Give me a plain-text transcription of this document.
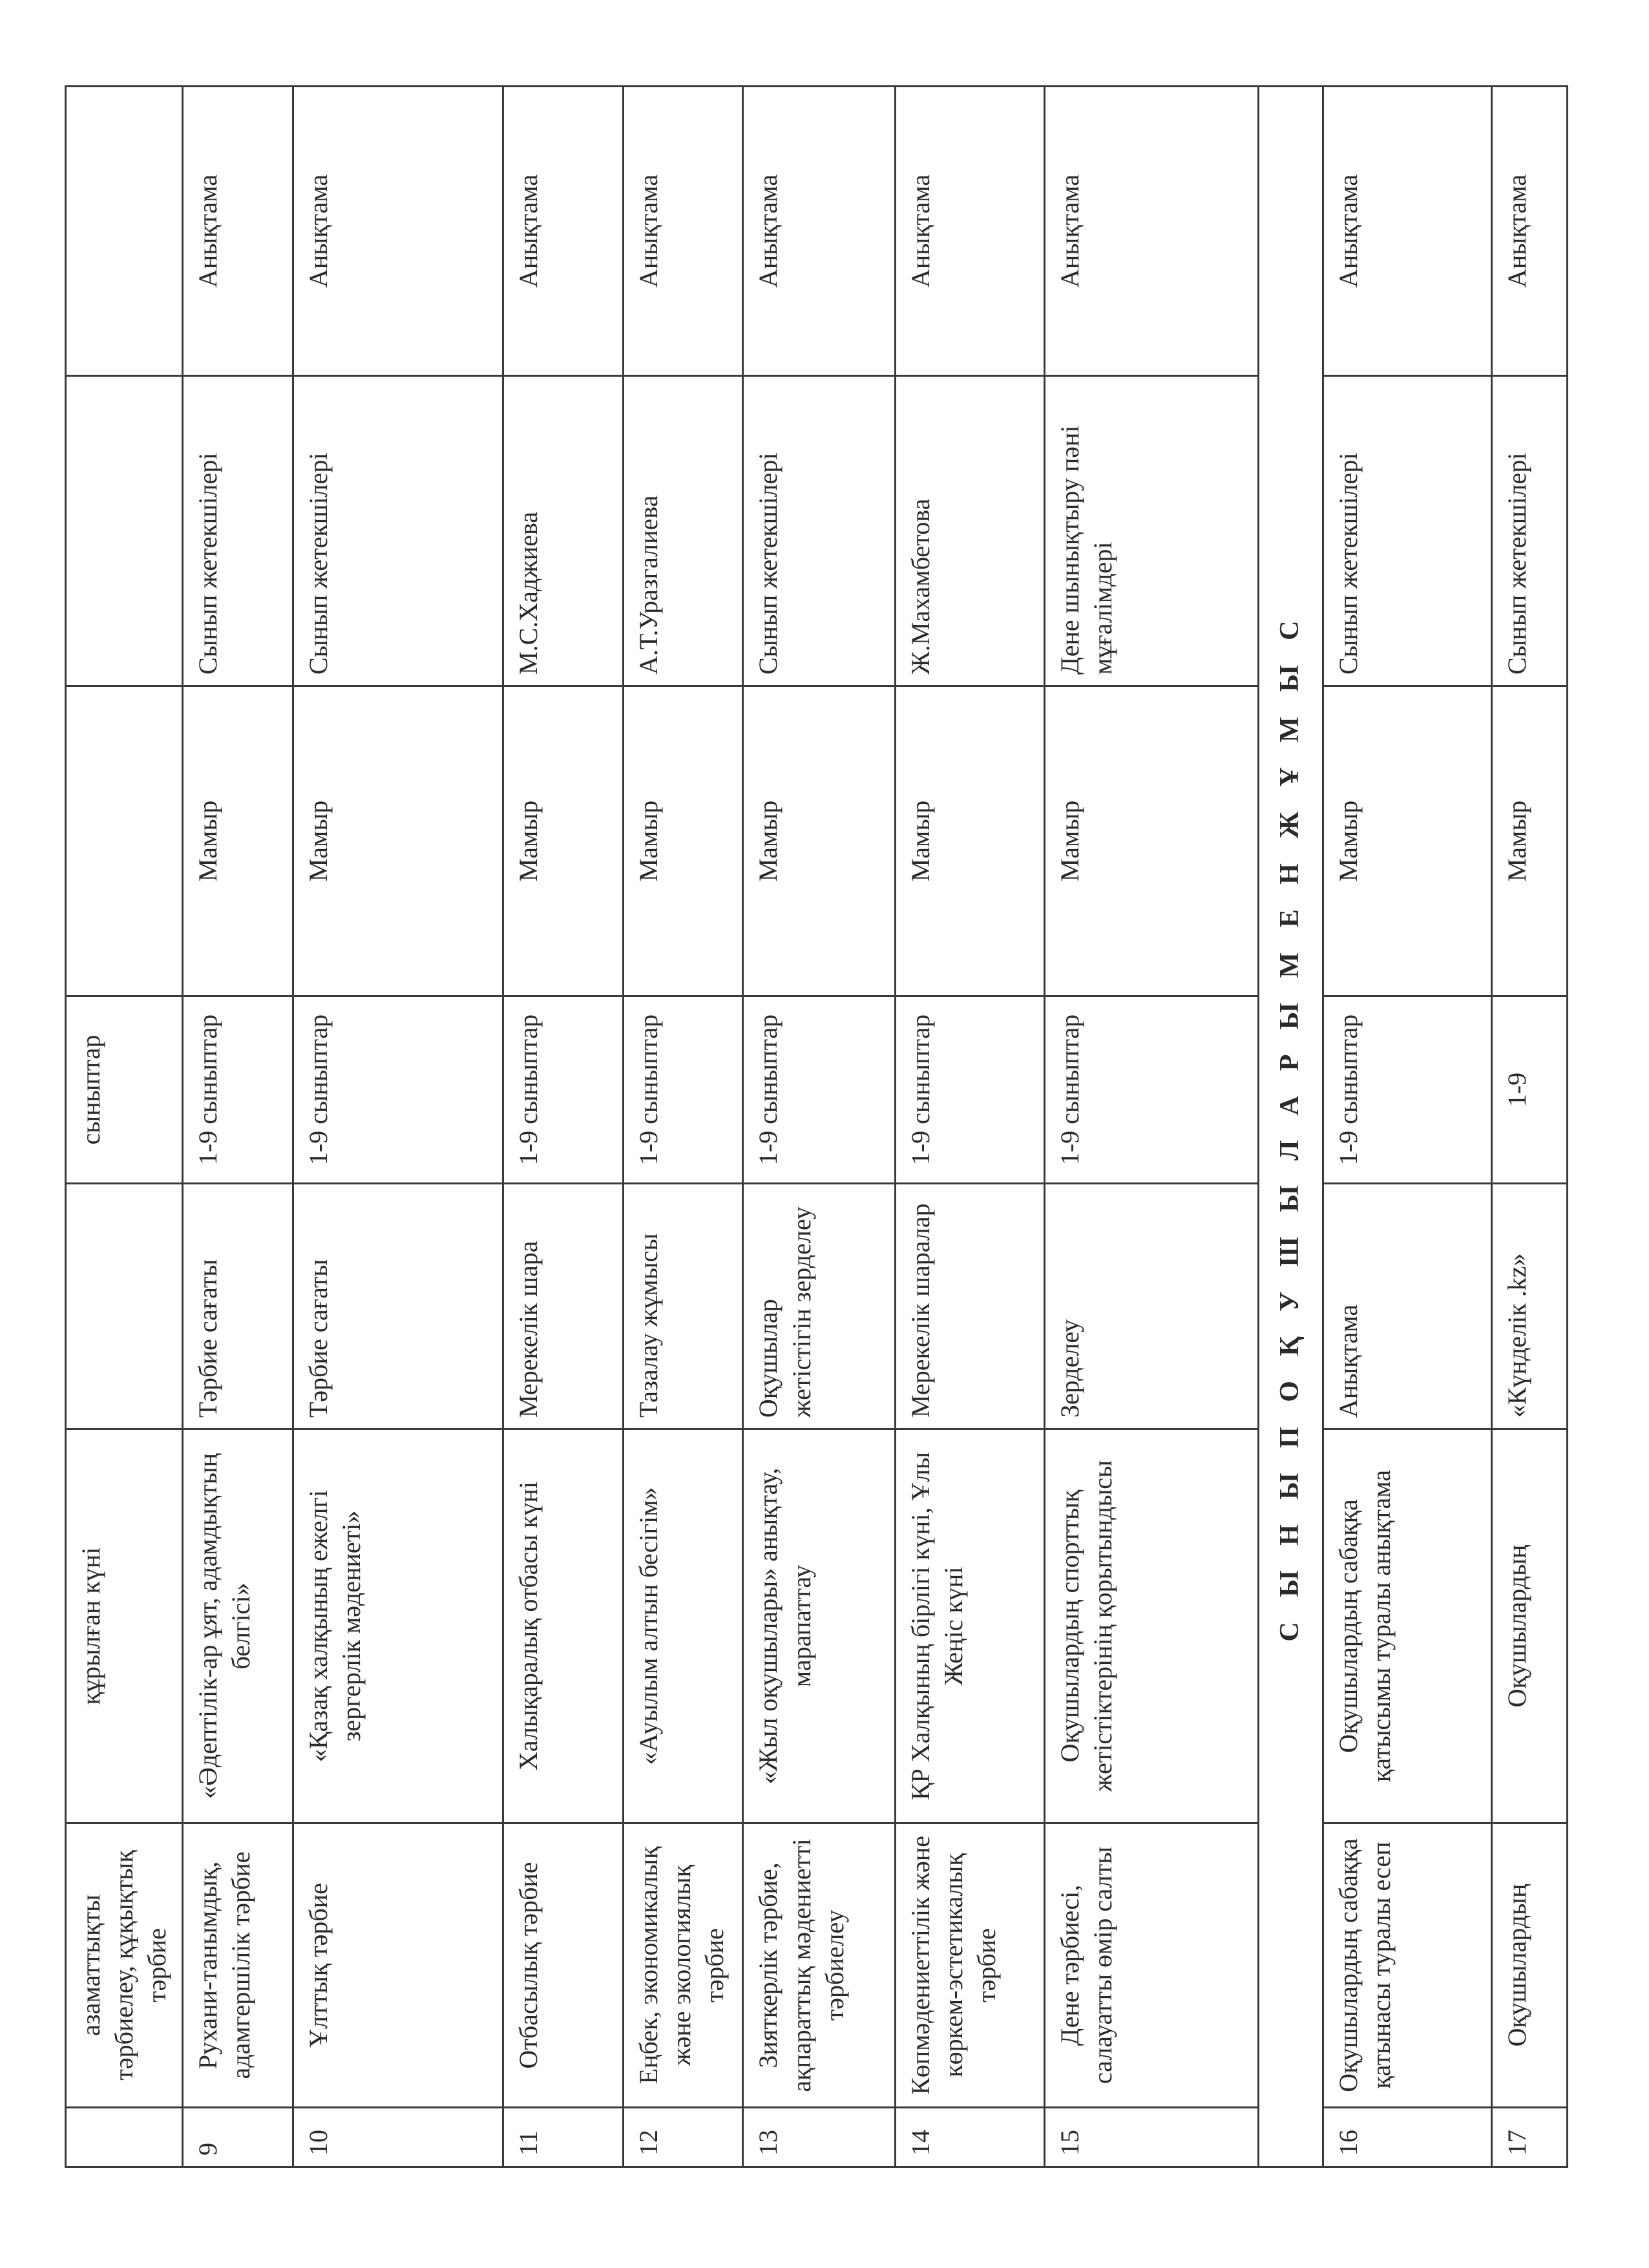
	азаматтықты тәрбиелеу, құқықтық тәрбие	құрылған күні		сыныптар			
9	Рухани-танымдық, адамгершілік тәрбие	«Әдептілік-ар ұят, адамдықтың белгісі»	Тәрбие сағаты	1-9 сыныптар	Мамыр	Сынып жетекшілері	Анықтама
10	Ұлттық тәрбие	«Қазақ халқының ежелгі зергерлік мәдениеті»	Тәрбие сағаты	1-9 сыныптар	Мамыр	Сынып жетекшілері	Анықтама
11	Отбасылық тәрбие	Халықаралық отбасы күні	Мерекелік шара	1-9 сыныптар	Мамыр	М.С.Хаджиева	Анықтама
12	Еңбек, экономикалық және экологиялық тәрбие	«Ауылым алтын бесігім»	Тазалау жұмысы	1-9 сыныптар	Мамыр	А.Т.Уразгалиева	Анықтама
13	Зияткерлік тәрбие, ақпараттық мәдениетті тәрбиелеу	«Жыл оқушылары» анықтау, марапаттау	Оқушылар жетістігін зерделеу	1-9 сыныптар	Мамыр	Сынып жетекшілері	Анықтама
14	Көпмәдениеттілік және көркем-эстетикалық тәрбие	ҚР Халқының бірлігі күні, Ұлы Жеңіс күні	Мерекелік шаралар	1-9 сыныптар	Мамыр	Ж.Махамбетова	Анықтама
15	Дене тәрбиесі, салауатты өмір салты	Оқушылардың спорттық жетістіктерінің қорытындысы	Зерделеу	1-9 сыныптар	Мамыр	Дене шынықтыру пәні мұғалімдері	Анықтама
С Ы Н Ы П О Қ У Ш Ы Л А Р Ы М Е Н Ж Ұ М Ы С							
16	Оқушылардың сабаққа қатынасы туралы есеп	Оқушылардың сабаққа қатысымы туралы анықтама	Анықтама	1-9 сыныптар	Мамыр	Сынып жетекшілері	Анықтама
17	Оқушылардың	Оқушылардың	«Күнделік .kz»	1-9	Мамыр	Сынып жетекшілері	Анықтама
